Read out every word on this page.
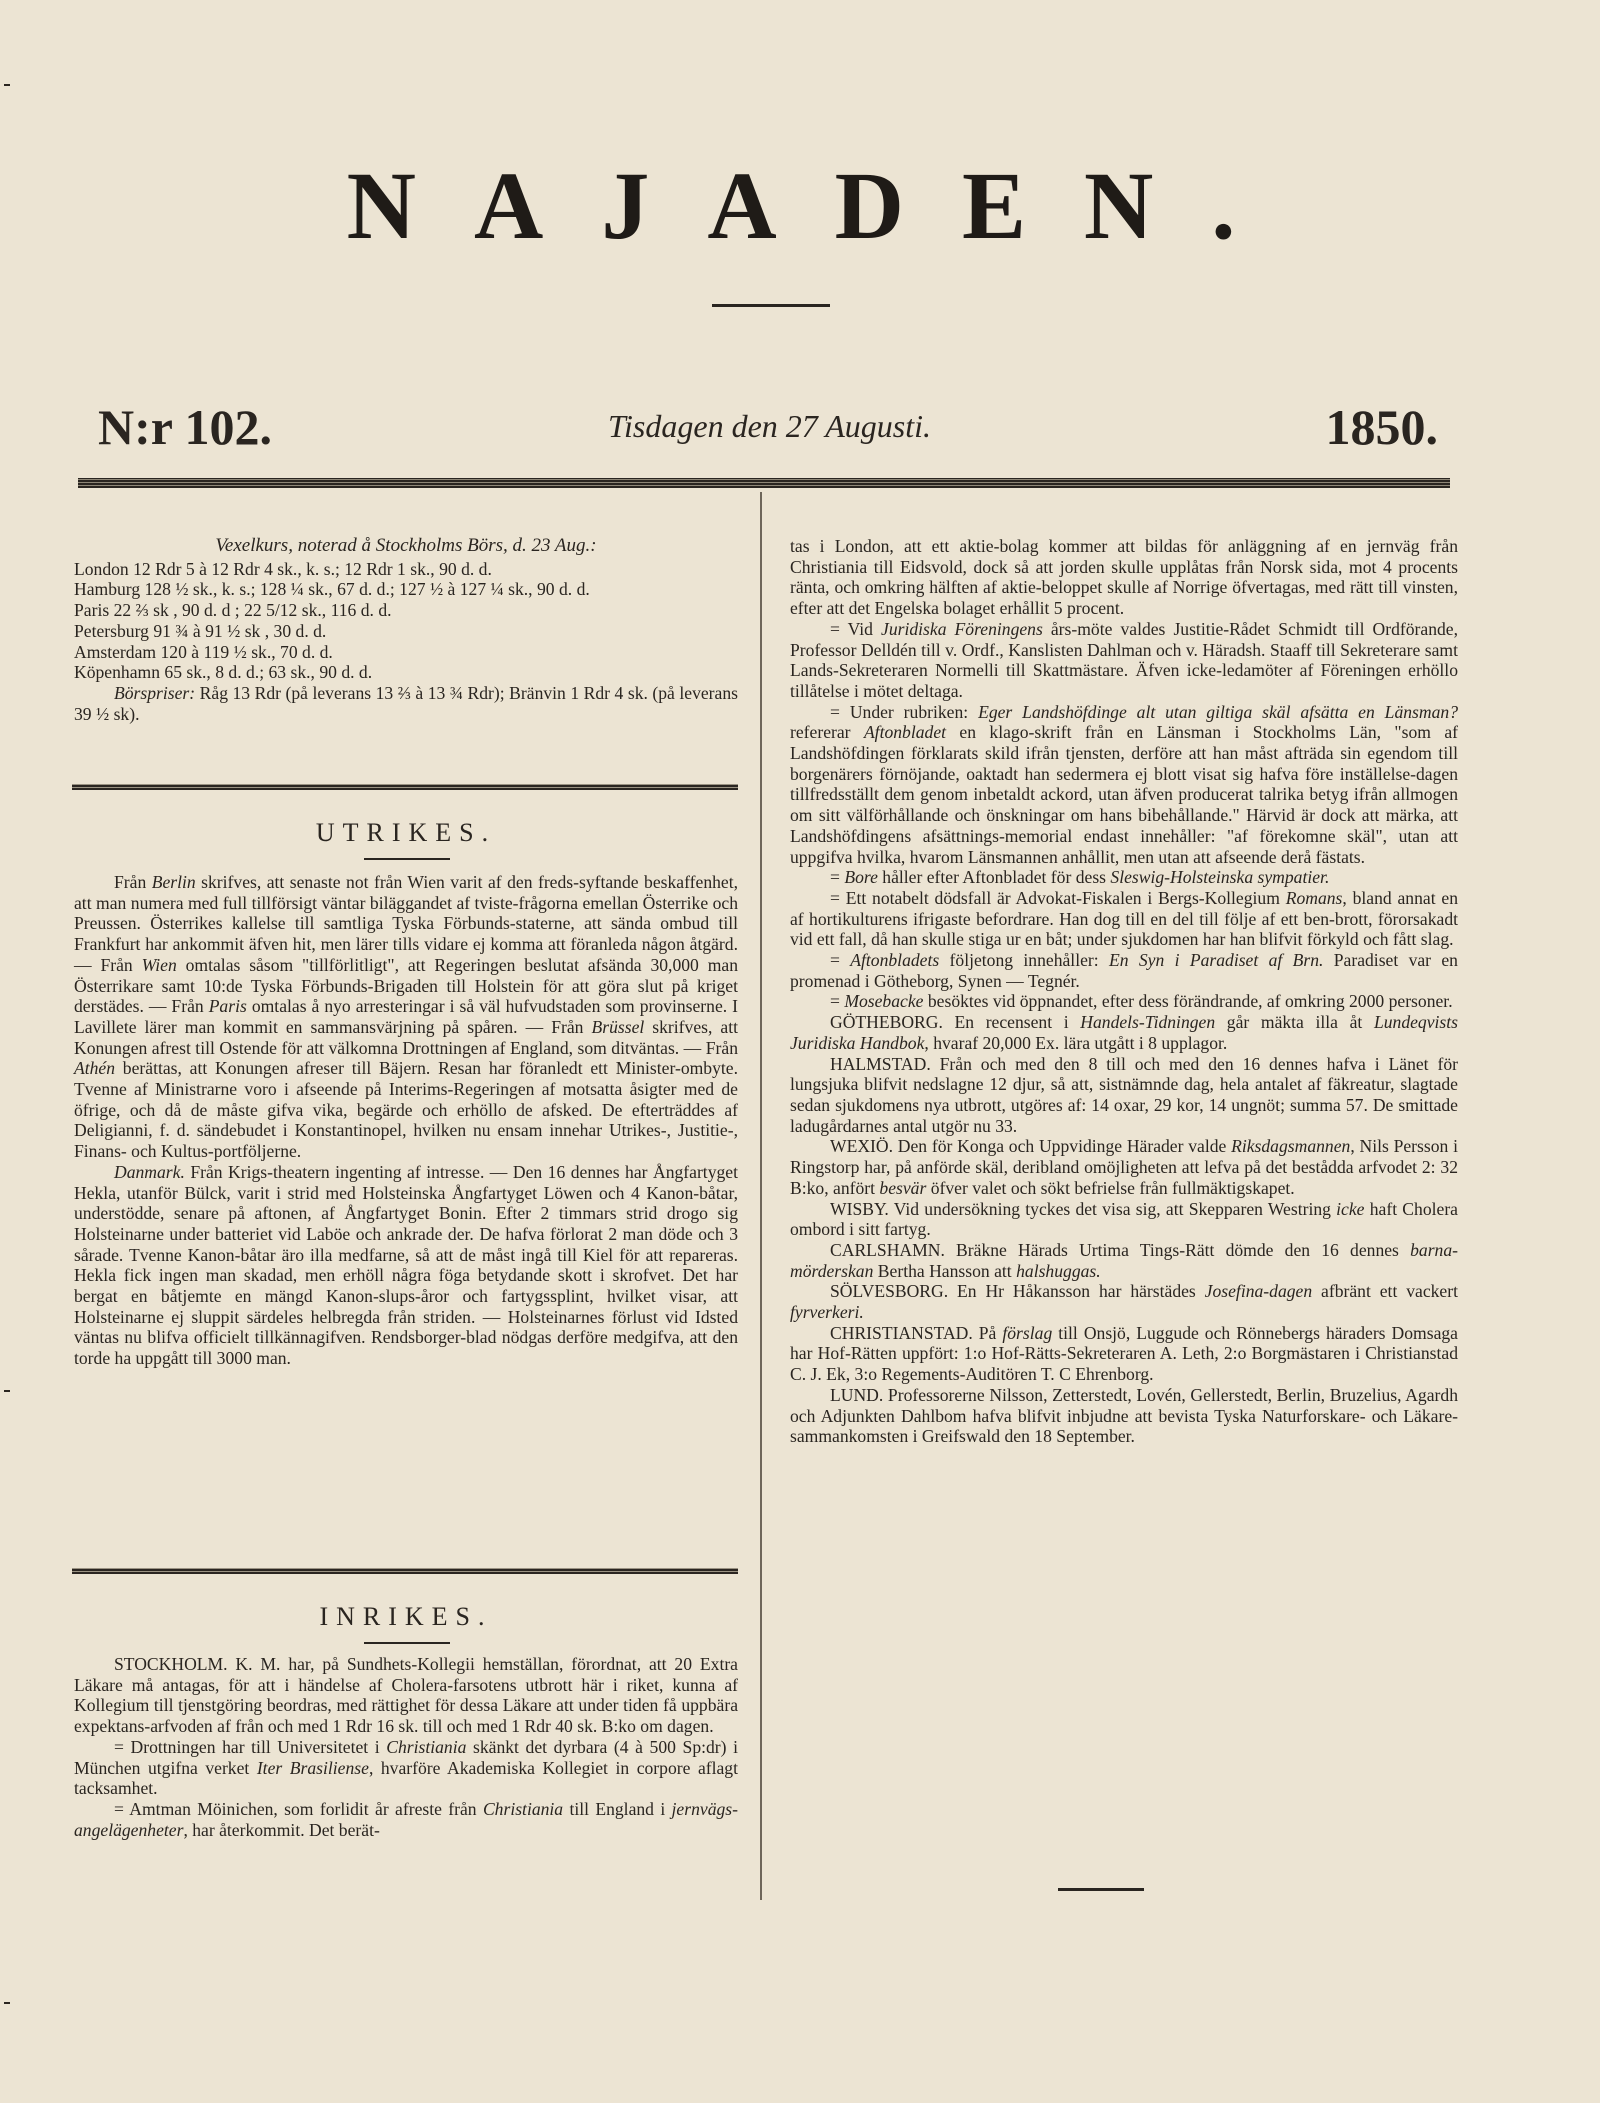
NAJADEN.
N:r 102.	Tisdagen den 27 Augusti.	1850.

Vexelkurs, noterad å Stockholms Börs, d. 23 Aug.:

London 12 Rdr 5 à 12 Rdr 4 sk., k. s.; 12 Rdr 1 sk., 90 d. d.

Hamburg 128 ½ sk., k. s.; 128 ¼ sk., 67 d. d.; 127 ½ à 127 ¼ sk., 90 d. d.

Paris 22 ⅔ sk , 90 d. d ; 22 5/12 sk., 116 d. d.

Petersburg 91 ¾ à 91 ½ sk , 30 d. d.

Amsterdam 120 à 119 ½ sk., 70 d. d.

Köpenhamn 65 sk., 8 d. d.; 63 sk., 90 d. d.

Börspriser: Råg 13 Rdr (på leverans 13 ⅔ à 13 ¾ Rdr); Bränvin 1 Rdr 4 sk. (på leverans 39 ½ sk).

UTRIKES.

Från Berlin skrifves, att senaste not från Wien varit af den freds-syftande beskaffenhet, att man numera med full tillförsigt väntar biläggandet af tviste-frågorna emellan Österrike och Preussen. Österrikes kallelse till samtliga Tyska Förbunds-staterne, att sända ombud till Frankfurt har ankommit äfven hit, men lärer tills vidare ej komma att föranleda någon åtgärd. — Från Wien omtalas såsom "tillförlitligt", att Regeringen beslutat afsända 30,000 man Österrikare samt 10:de Tyska Förbunds-Brigaden till Holstein för att göra slut på kriget derstädes. — Från Paris omtalas å nyo arresteringar i så väl hufvudstaden som provinserne. I Lavillete lärer man kommit en sammansvärjning på spåren. — Från Brüssel skrifves, att Konungen afrest till Ostende för att välkomna Drottningen af England, som ditväntas. — Från Athén berättas, att Konungen afreser till Bäjern. Resan har föranledt ett Minister-ombyte. Tvenne af Ministrarne voro i afseende på Interims-Regeringen af motsatta åsigter med de öfrige, och då de måste gifva vika, begärde och erhöllo de afsked. De efterträddes af Deligianni, f. d. sändebudet i Konstantinopel, hvilken nu ensam innehar Utrikes-, Justitie-, Finans- och Kultus-portföljerne.

Danmark. Från Krigs-theatern ingenting af intresse. — Den 16 dennes har Ångfartyget Hekla, utanför Bülck, varit i strid med Holsteinska Ångfartyget Löwen och 4 Kanon-båtar, understödde, senare på aftonen, af Ångfartyget Bonin. Efter 2 timmars strid drogo sig Holsteinarne under batteriet vid Laböe och ankrade der. De hafva förlorat 2 man döde och 3 sårade. Tvenne Kanon-båtar äro illa medfarne, så att de måst ingå till Kiel för att repareras. Hekla fick ingen man skadad, men erhöll några föga betydande skott i skrofvet. Det har bergat en båtjemte en mängd Kanon-slups-åror och fartygssplint, hvilket visar, att Holsteinarne ej sluppit särdeles helbregda från striden. — Holsteinarnes förlust vid Idsted väntas nu blifva officielt tillkännagifven. Rendsborger-blad nödgas derföre medgifva, att den torde ha uppgått till 3000 man.

INRIKES.

STOCKHOLM. K. M. har, på Sundhets-Kollegii hemställan, förordnat, att 20 Extra Läkare må antagas, för att i händelse af Cholera-farsotens utbrott här i riket, kunna af Kollegium till tjenstgöring beordras, med rättighet för dessa Läkare att under tiden få uppbära expektans-arfvoden af från och med 1 Rdr 16 sk. till och med 1 Rdr 40 sk. B:ko om dagen.

= Drottningen har till Universitetet i Christiania skänkt det dyrbara (4 à 500 Sp:dr) i München utgifna verket Iter Brasiliense, hvarföre Akademiska Kollegiet in corpore aflagt tacksamhet.

= Amtman Möinichen, som forlidit år afreste från Christiania till England i jernvägs-angelägenheter, har återkommit. Det berät-

tas i London, att ett aktie-bolag kommer att bildas för anläggning af en jernväg från Christiania till Eidsvold, dock så att jorden skulle upplåtas från Norsk sida, mot 4 procents ränta, och omkring hälften af aktie-beloppet skulle af Norrige öfvertagas, med rätt till vinsten, efter att det Engelska bolaget erhållit 5 procent.

= Vid Juridiska Föreningens års-möte valdes Justitie-Rådet Schmidt till Ordförande, Professor Delldén till v. Ordf., Kanslisten Dahlman och v. Häradsh. Staaff till Sekreterare samt Lands-Sekreteraren Normelli till Skattmästare. Äfven icke-ledamöter af Föreningen erhöllo tillåtelse i mötet deltaga.

= Under rubriken: Eger Landshöfdinge alt utan giltiga skäl afsätta en Länsman? refererar Aftonbladet en klago-skrift från en Länsman i Stockholms Län, "som af Landshöfdingen förklarats skild ifrån tjensten, derföre att han måst afträda sin egendom till borgenärers förnöjande, oaktadt han sedermera ej blott visat sig hafva före inställelse-dagen tillfredsställt dem genom inbetaldt ackord, utan äfven producerat talrika betyg ifrån allmogen om sitt välförhållande och önskningar om hans bibehållande." Härvid är dock att märka, att Landshöfdingens afsättnings-memorial endast innehåller: "af förekomne skäl", utan att uppgifva hvilka, hvarom Länsmannen anhållit, men utan att afseende derå fästats.

= Bore håller efter Aftonbladet för dess Sleswig-Holsteinska sympatier.

= Ett notabelt dödsfall är Advokat-Fiskalen i Bergs-Kollegium Romans, bland annat en af hortikulturens ifrigaste befordrare. Han dog till en del till följe af ett ben-brott, förorsakadt vid ett fall, då han skulle stiga ur en båt; under sjukdomen har han blifvit förkyld och fått slag.

= Aftonbladets följetong innehåller: En Syn i Paradiset af Brn. Paradiset var en promenad i Götheborg, Synen — Tegnér.

= Mosebacke besöktes vid öppnandet, efter dess förändrande, af omkring 2000 personer.

GÖTHEBORG. En recensent i Handels-Tidningen går mäkta illa åt Lundeqvists Juridiska Handbok, hvaraf 20,000 Ex. lära utgått i 8 upplagor.

HALMSTAD. Från och med den 8 till och med den 16 dennes hafva i Länet för lungsjuka blifvit nedslagne 12 djur, så att, sistnämnde dag, hela antalet af fäkreatur, slagtade sedan sjukdomens nya utbrott, utgöres af: 14 oxar, 29 kor, 14 ungnöt; summa 57. De smittade ladugårdarnes antal utgör nu 33.

WEXIÖ. Den för Konga och Uppvidinge Härader valde Riksdagsmannen, Nils Persson i Ringstorp har, på anförde skäl, deribland omöjligheten att lefva på det bestådda arfvodet 2: 32 B:ko, anfört besvär öfver valet och sökt befrielse från fullmäktigskapet.

WISBY. Vid undersökning tyckes det visa sig, att Skepparen Westring icke haft Cholera ombord i sitt fartyg.

CARLSHAMN. Bräkne Härads Urtima Tings-Rätt dömde den 16 dennes barna-mörderskan Bertha Hansson att halshuggas.

SÖLVESBORG. En Hr Håkansson har härstädes Josefina-dagen afbränt ett vackert fyrverkeri.

CHRISTIANSTAD. På förslag till Onsjö, Luggude och Rönnebergs häraders Domsaga har Hof-Rätten uppfört: 1:o Hof-Rätts-Sekreteraren A. Leth, 2:o Borgmästaren i Christianstad C. J. Ek, 3:o Regements-Auditören T. C Ehrenborg.

LUND. Professorerne Nilsson, Zetterstedt, Lovén, Gellerstedt, Berlin, Bruzelius, Agardh och Adjunkten Dahlbom hafva blifvit inbjudne att bevista Tyska Naturforskare- och Läkare-sammankomsten i Greifswald den 18 September.
